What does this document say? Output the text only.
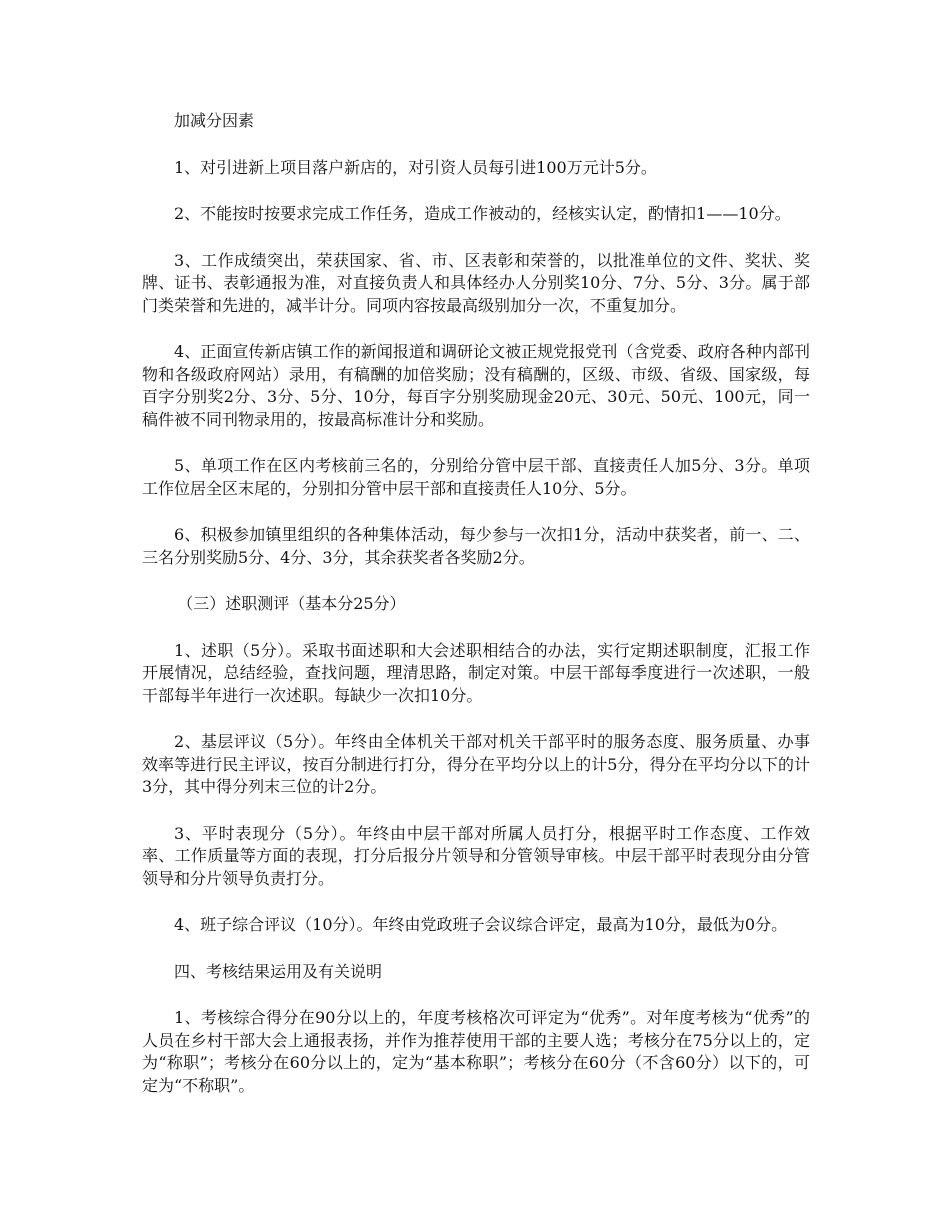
加减分因素

1、对引进新上项目落户新店的，对引资人员每引进100万元计5分。

2、不能按时按要求完成工作任务，造成工作被动的，经核实认定，酌情扣1——10分。

3、工作成绩突出，荣获国家、省、市、区表彰和荣誉的，以批准单位的文件、奖状、奖牌、证书、表彰通报为准，对直接负责人和具体经办人分别奖10分、7分、5分、3分。属于部门类荣誉和先进的，减半计分。同项内容按最高级别加分一次，不重复加分。

4、正面宣传新店镇工作的新闻报道和调研论文被正规党报党刊（含党委、政府各种内部刊物和各级政府网站）录用，有稿酬的加倍奖励；没有稿酬的，区级、市级、省级、国家级，每百字分别奖2分、3分、5分、10分，每百字分别奖励现金20元、30元、50元、100元，同一稿件被不同刊物录用的，按最高标准计分和奖励。

5、单项工作在区内考核前三名的，分别给分管中层干部、直接责任人加5分、3分。单项工作位居全区末尾的，分别扣分管中层干部和直接责任人10分、5分。

6、积极参加镇里组织的各种集体活动，每少参与一次扣1分，活动中获奖者，前一、二、三名分别奖励5分、4分、3分，其余获奖者各奖励2分。

（三）述职测评（基本分25分）

1、述职（5分）。采取书面述职和大会述职相结合的办法，实行定期述职制度，汇报工作开展情况，总结经验，查找问题，理清思路，制定对策。中层干部每季度进行一次述职，一般干部每半年进行一次述职。每缺少一次扣10分。

2、基层评议（5分）。年终由全体机关干部对机关干部平时的服务态度、服务质量、办事效率等进行民主评议，按百分制进行打分，得分在平均分以上的计5分，得分在平均分以下的计3分，其中得分列末三位的计2分。

3、平时表现分（5分）。年终由中层干部对所属人员打分，根据平时工作态度、工作效率、工作质量等方面的表现，打分后报分片领导和分管领导审核。中层干部平时表现分由分管领导和分片领导负责打分。

4、班子综合评议（10分）。年终由党政班子会议综合评定，最高为10分，最低为0分。

四、考核结果运用及有关说明

1、考核综合得分在90分以上的，年度考核格次可评定为“优秀”。对年度考核为“优秀”的人员在乡村干部大会上通报表扬，并作为推荐使用干部的主要人选；考核分在75分以上的，定为“称职”；考核分在60分以上的，定为“基本称职”；考核分在60分（不含60分）以下的，可定为“不称职”。
